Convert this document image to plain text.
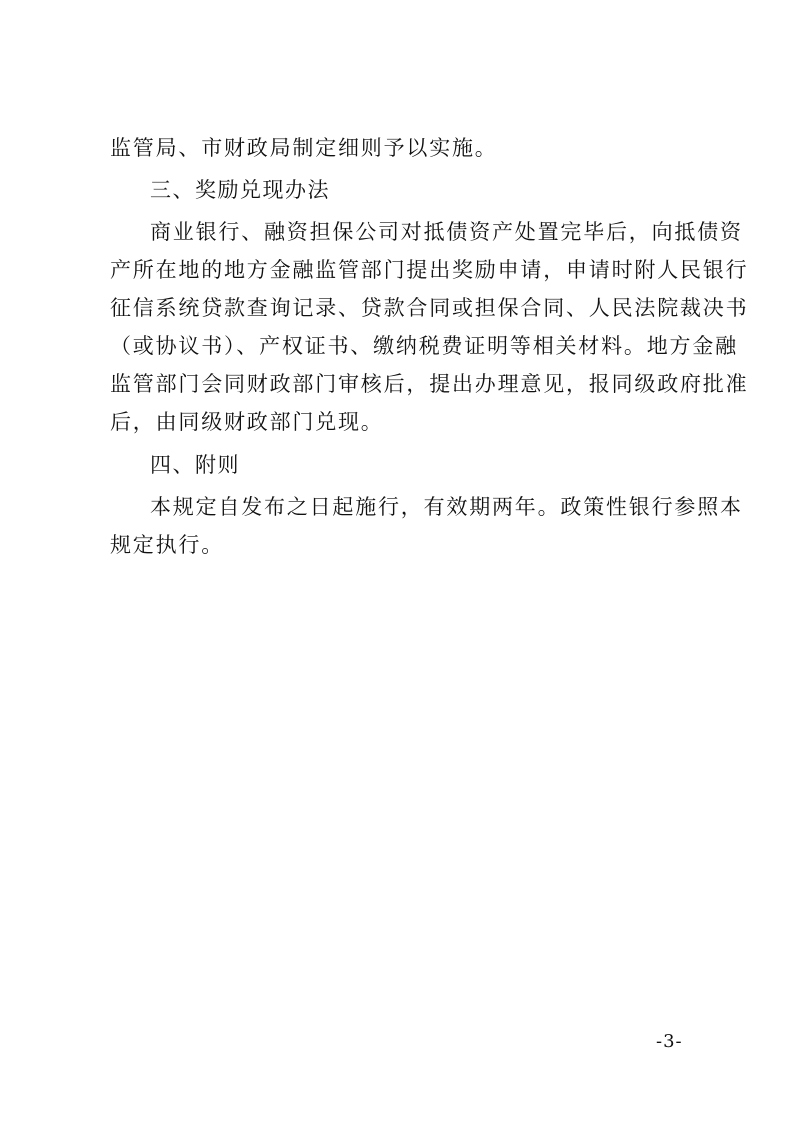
监管局、市财政局制定细则予以实施。
三、奖励兑现办法
商业银行、融资担保公司对抵债资产处置完毕后，向抵债资
产所在地的地方金融监管部门提出奖励申请，申请时附人民银行
征信系统贷款查询记录、贷款合同或担保合同、人民法院裁决书
（或协议书）、产权证书、缴纳税费证明等相关材料。地方金融
监管部门会同财政部门审核后，提出办理意见，报同级政府批准
后，由同级财政部门兑现。
四、附则
本规定自发布之日起施行，有效期两年。政策性银行参照本
规定执行。
-3-
